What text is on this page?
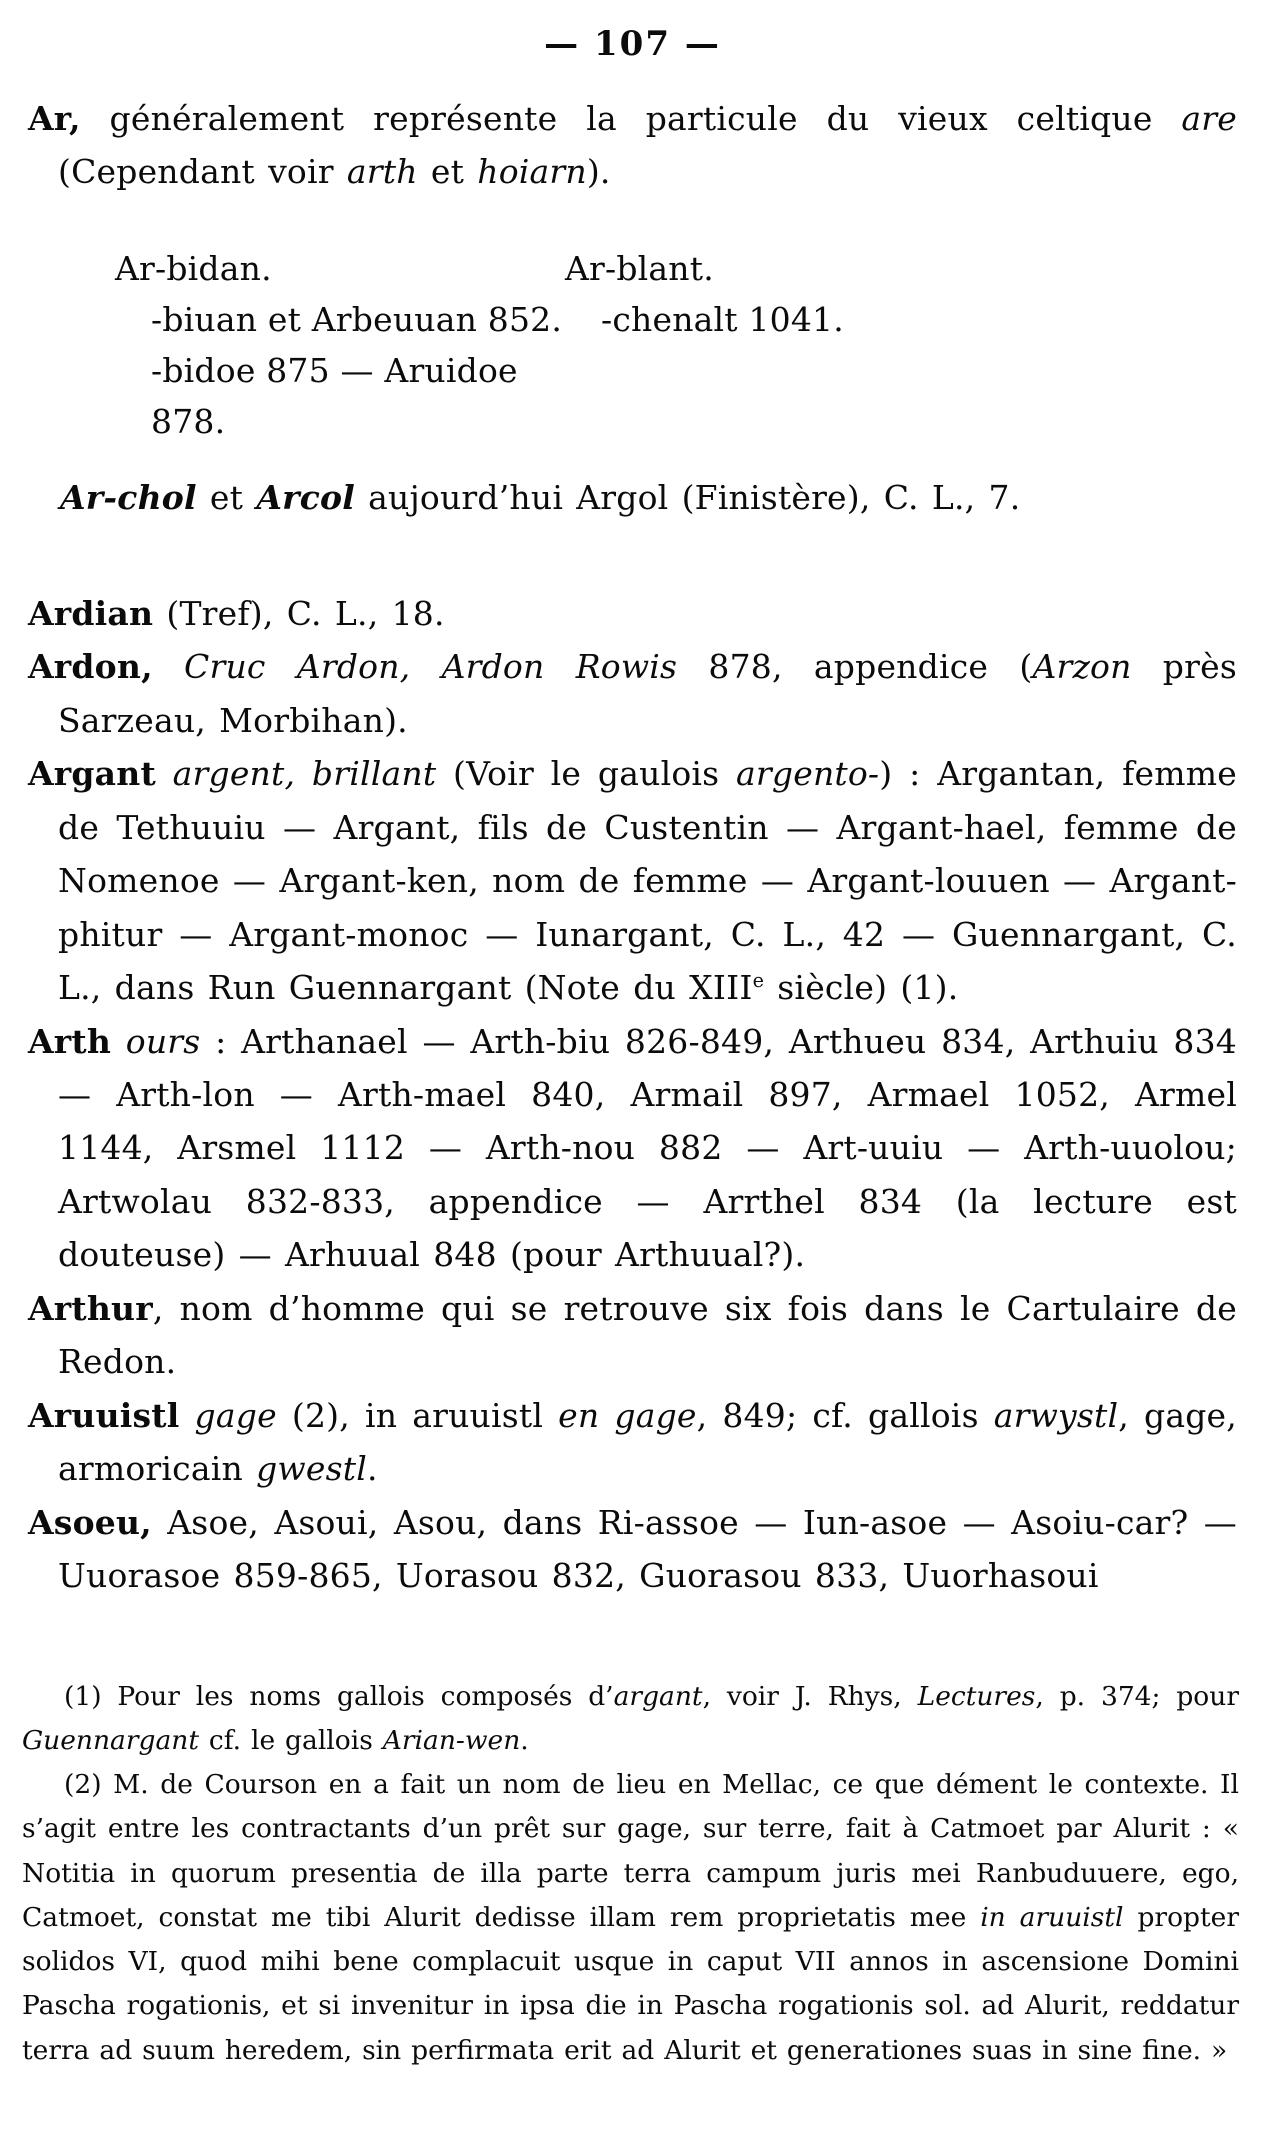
— 107 —

Ar, généralement représente la particule du vieux celtique are (Cependant voir arth et hoiarn).

Ar-bidan.

-biuan et Arbeuuan 852.

-bidoe 875 — Aruidoe 878.

Ar-blant.

-chenalt 1041.

Ar-chol et Arcol aujourd’hui Argol (Finistère), C. L., 7.

Ardian (Tref), C. L., 18.

Ardon, Cruc Ardon, Ardon Rowis 878, appendice (Arzon près Sarzeau, Morbihan).

Argant argent, brillant (Voir le gaulois argento-) : Argantan, femme de Tethuuiu — Argant, fils de Custentin — Argant-hael, femme de Nomenoe — Argant-ken, nom de femme — Argant-louuen — Argant-phitur — Argant-monoc — Iunargant, C. L., 42 — Guennargant, C. L., dans Run Guennargant (Note du XIIIe siècle) (1).

Arth ours : Arthanael — Arth-biu 826-849, Arthueu 834, Arthuiu 834 — Arth-lon — Arth-mael 840, Armail 897, Armael 1052, Armel 1144, Arsmel 1112 — Arth-nou 882 — Art-uuiu — Arth-uuolou; Artwolau 832-833, appendice — Arrthel 834 (la lecture est douteuse) — Arhuual 848 (pour Arthuual?).

Arthur, nom d’homme qui se retrouve six fois dans le Cartulaire de Redon.

Aruuistl gage (2), in aruuistl en gage, 849; cf. gallois arwystl, gage, armoricain gwestl.

Asoeu, Asoe, Asoui, Asou, dans Ri-assoe — Iun-asoe — Asoiu-car? — Uuorasoe 859-865, Uorasou 832, Guorasou 833, Uuorhasoui

(1) Pour les noms gallois composés d’argant, voir J. Rhys, Lectures, p. 374; pour Guennargant cf. le gallois Arian-wen.

(2) M. de Courson en a fait un nom de lieu en Mellac, ce que dément le contexte. Il s’agit entre les contractants d’un prêt sur gage, sur terre, fait à Catmoet par Alurit : « Notitia in quorum presentia de illa parte terra campum juris mei Ranbuduuere, ego, Catmoet, constat me tibi Alurit dedisse illam rem proprietatis mee in aruuistl propter solidos VI, quod mihi bene complacuit usque in caput VII annos in ascensione Domini Pascha rogationis, et si invenitur in ipsa die in Pascha rogationis sol. ad Alurit, reddatur terra ad suum heredem, sin perfirmata erit ad Alurit et generationes suas in sine fine. »
